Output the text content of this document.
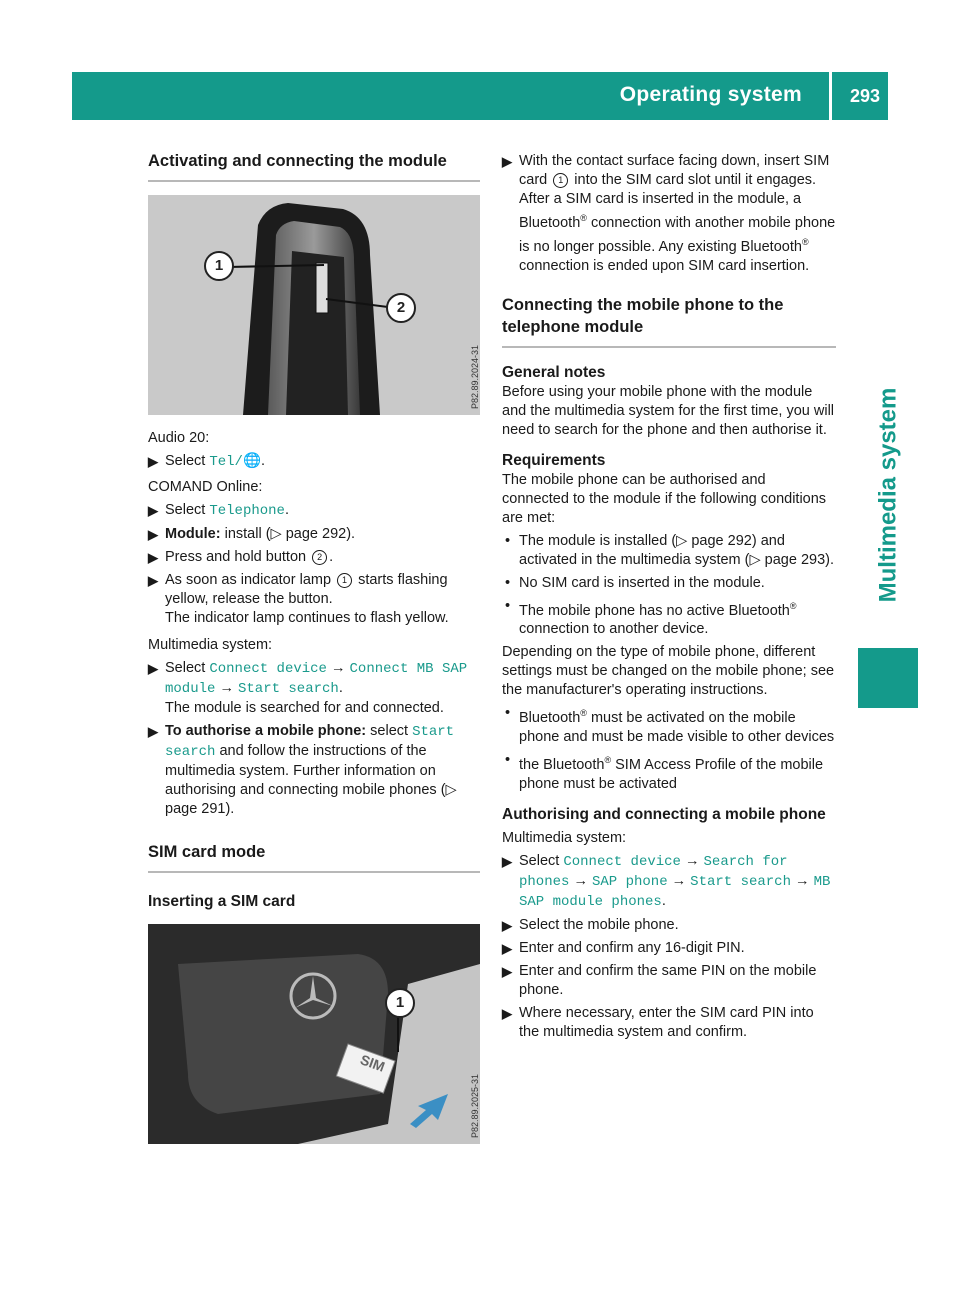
Operating system	293
Multimedia system
Activating and connecting the module
1
2
P82.89.2024-31

Audio 20:

▶ Select Tel/🌐.

COMAND Online:

▶ Select Telephone.
▶ Module: install (▷ page 292).
▶ Press and hold button 2 .
▶ As soon as indicator lamp 1 starts flashing yellow, release the button.
The indicator lamp continues to flash yellow.

Multimedia system:

▶ Select Connect device → Connect MB SAP module → Start search.
The module is searched for and connected.
▶ To authorise a mobile phone: select Start search and follow the instructions of the multimedia system. Further information on authorising and connecting mobile phones (▷ page 291).
SIM card mode
Inserting a SIM card
1
SIM
P82.89.2025-31
▶ With the contact surface facing down, insert SIM card 1 into the SIM card slot until it engages.
After a SIM card is inserted in the module, a Bluetooth® connection with another mobile phone is no longer possible. Any existing Bluetooth® connection is ended upon SIM card insertion.
Connecting the mobile phone to the telephone module
General notes

Before using your mobile phone with the module and the multimedia system for the first time, you will need to search for the phone and then authorise it.

Requirements

The mobile phone can be authorised and connected to the module if the following conditions are met:

• The module is installed (▷ page 292) and activated in the multimedia system (▷ page 293).
• No SIM card is inserted in the module.
• The mobile phone has no active Bluetooth® connection to another device.

Depending on the type of mobile phone, different settings must be changed on the mobile phone; see the manufacturer's operating instructions.

• Bluetooth® must be activated on the mobile phone and must be made visible to other devices
• the Bluetooth® SIM Access Profile of the mobile phone must be activated
Authorising and connecting a mobile phone

Multimedia system:

▶ Select Connect device → Search for phones → SAP phone → Start search → MB SAP module phones.
▶ Select the mobile phone.
▶ Enter and confirm any 16-digit PIN.
▶ Enter and confirm the same PIN on the mobile phone.
▶ Where necessary, enter the SIM card PIN into the multimedia system and confirm.
